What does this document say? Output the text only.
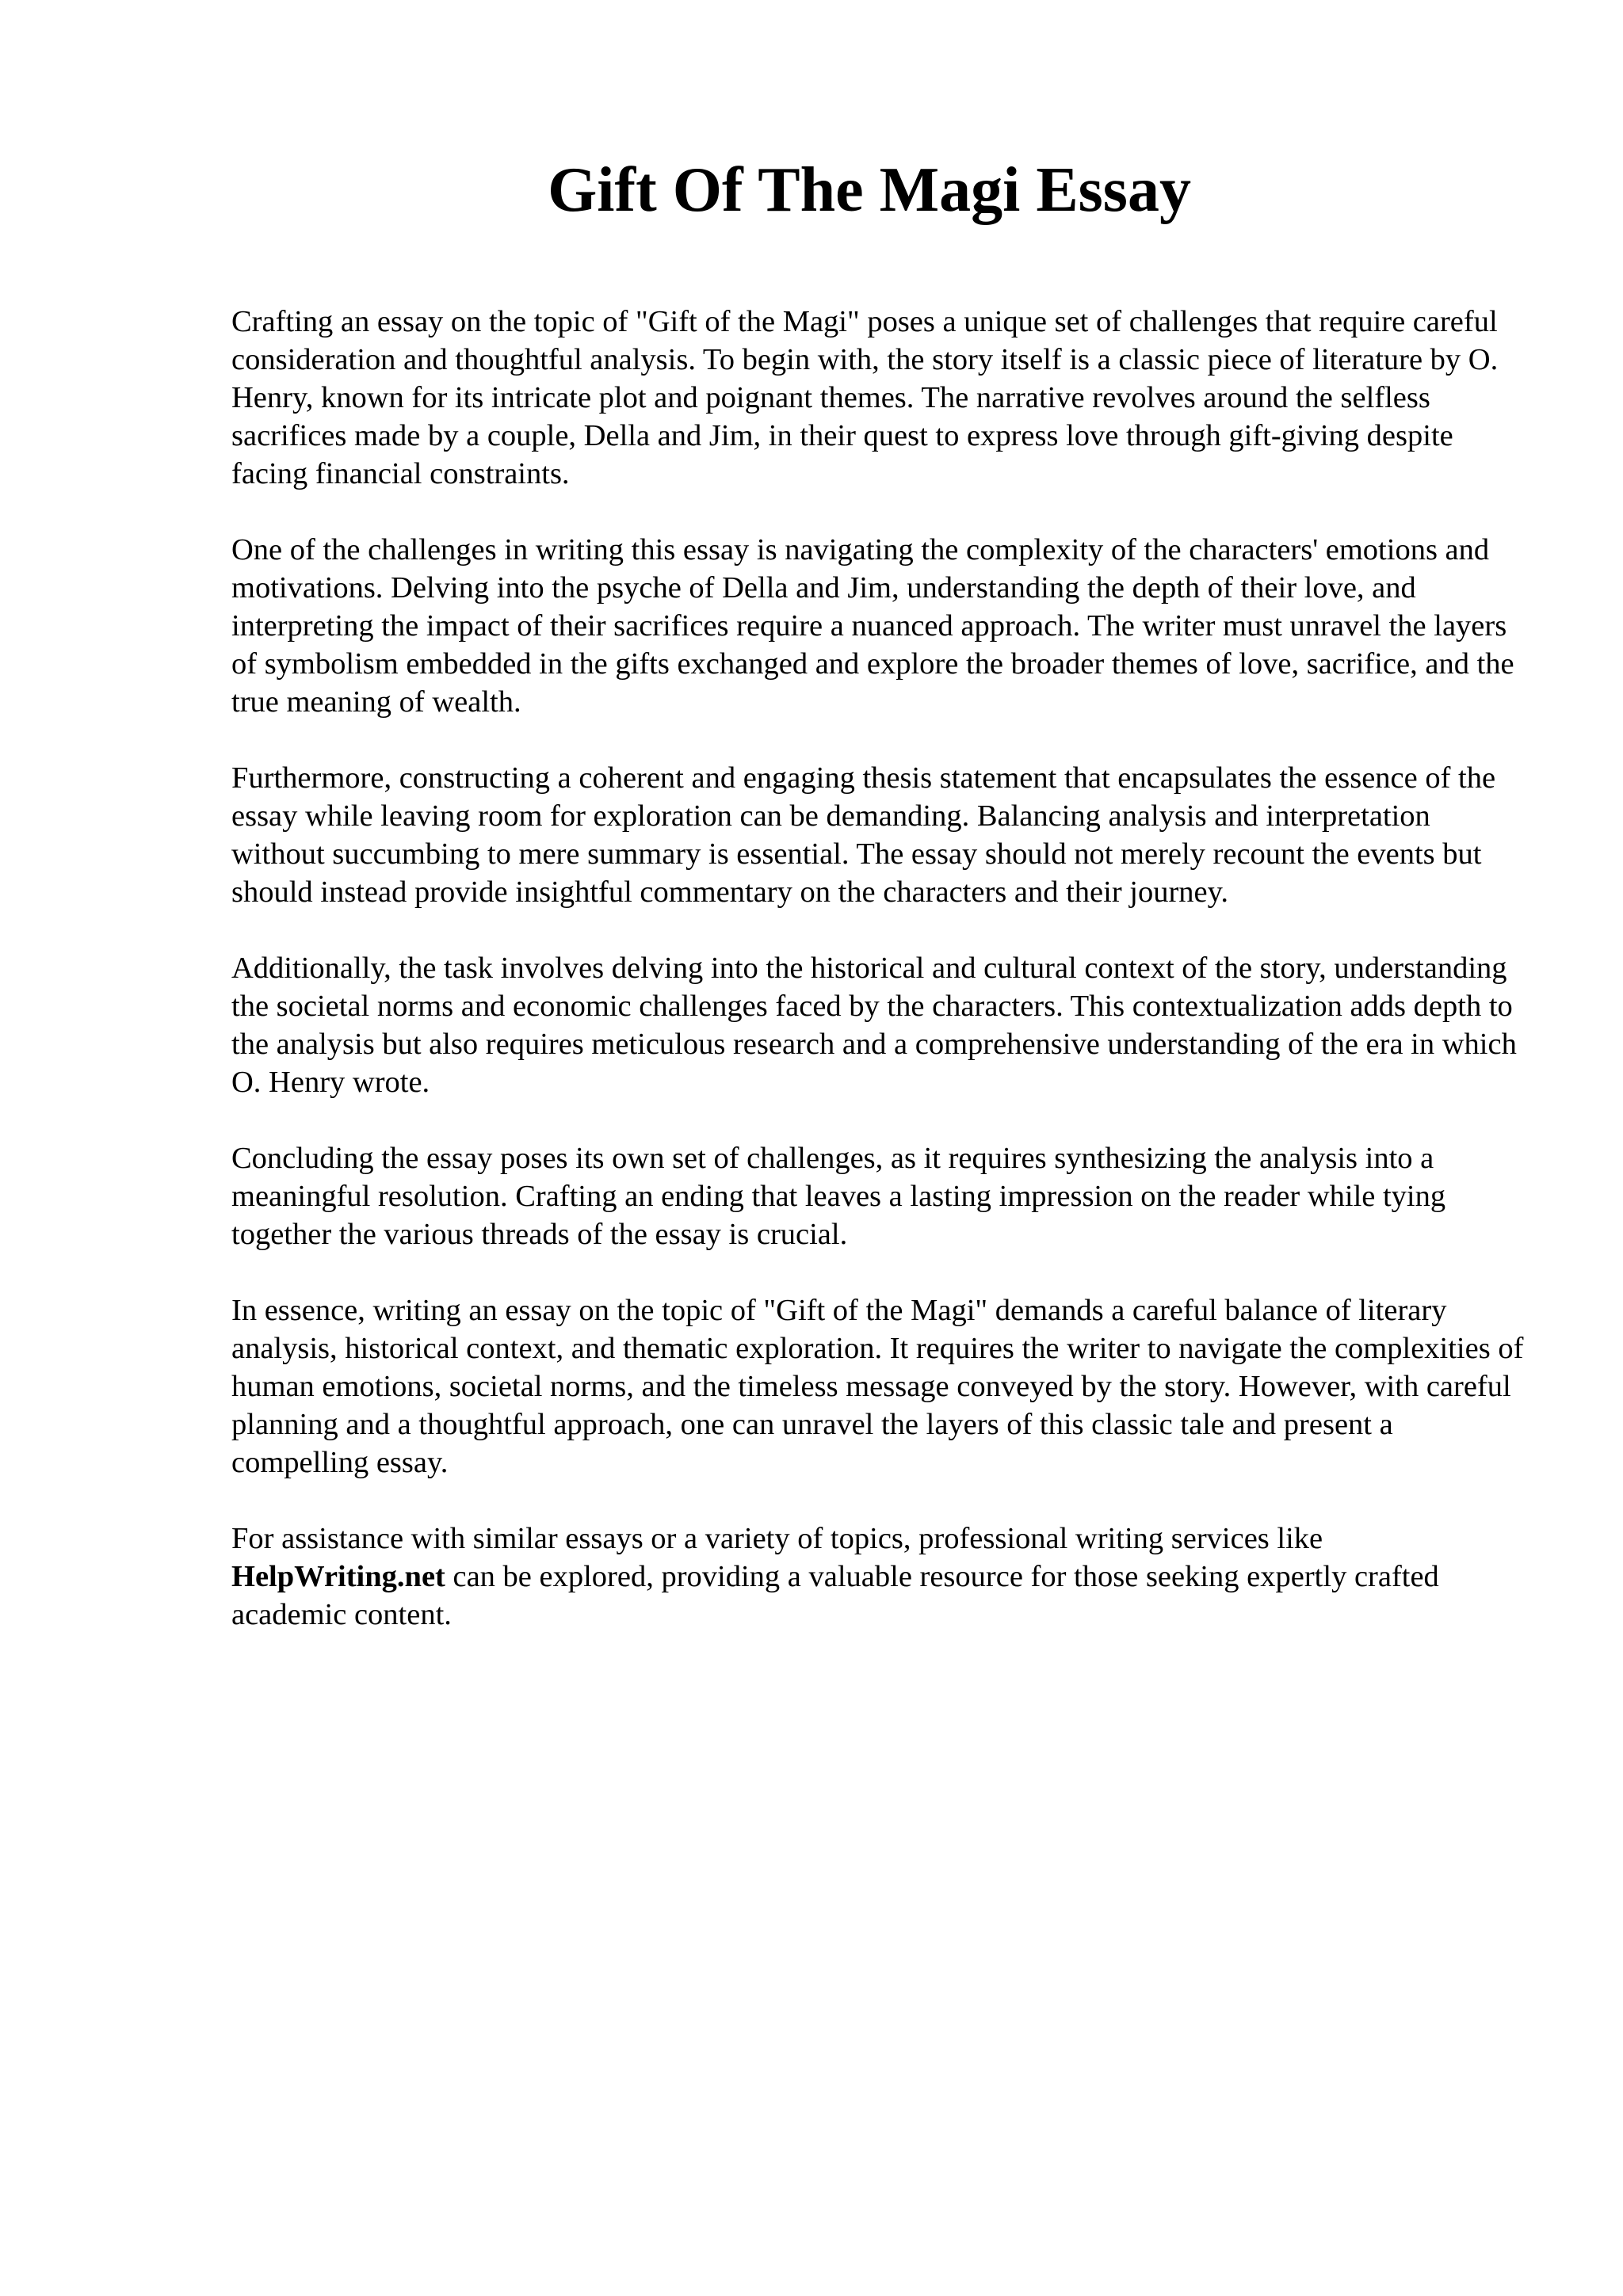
Gift Of The Magi Essay

Crafting an essay on the topic of "Gift of the Magi" poses a unique set of challenges that require careful consideration and thoughtful analysis. To begin with, the story itself is a classic piece of literature by O. Henry, known for its intricate plot and poignant themes. The narrative revolves around the selfless sacrifices made by a couple, Della and Jim, in their quest to express love through gift-giving despite facing financial constraints.

One of the challenges in writing this essay is navigating the complexity of the characters' emotions and motivations. Delving into the psyche of Della and Jim, understanding the depth of their love, and interpreting the impact of their sacrifices require a nuanced approach. The writer must unravel the layers of symbolism embedded in the gifts exchanged and explore the broader themes of love, sacrifice, and the true meaning of wealth.

Furthermore, constructing a coherent and engaging thesis statement that encapsulates the essence of the essay while leaving room for exploration can be demanding. Balancing analysis and interpretation without succumbing to mere summary is essential. The essay should not merely recount the events but should instead provide insightful commentary on the characters and their journey.

Additionally, the task involves delving into the historical and cultural context of the story, understanding the societal norms and economic challenges faced by the characters. This contextualization adds depth to the analysis but also requires meticulous research and a comprehensive understanding of the era in which O. Henry wrote.

Concluding the essay poses its own set of challenges, as it requires synthesizing the analysis into a meaningful resolution. Crafting an ending that leaves a lasting impression on the reader while tying together the various threads of the essay is crucial.

In essence, writing an essay on the topic of "Gift of the Magi" demands a careful balance of literary analysis, historical context, and thematic exploration. It requires the writer to navigate the complexities of human emotions, societal norms, and the timeless message conveyed by the story. However, with careful planning and a thoughtful approach, one can unravel the layers of this classic tale and present a compelling essay.

For assistance with similar essays or a variety of topics, professional writing services like HelpWriting.net can be explored, providing a valuable resource for those seeking expertly crafted academic content.
